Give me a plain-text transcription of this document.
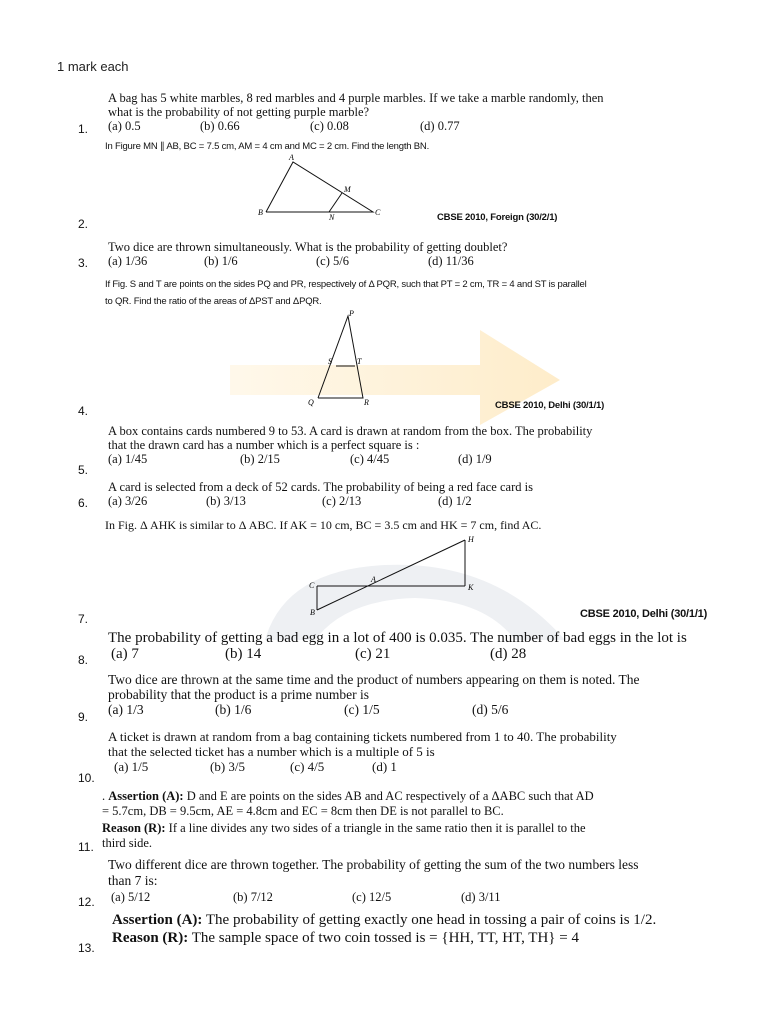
1 mark each
1.

A bag has 5 white marbles, 8 red marbles and 4 purple marbles. If we take a marble randomly, then

what is the probability of not getting purple marble?

(a) 0.5	(b) 0.66	(c) 0.08	(d) 0.77
In Figure MN ∥ AB, BC = 7.5 cm, AM = 4 cm and MC = 2 cm. Find the length BN.
A
B	C
M
N
2.	CBSE 2010, Foreign (30/2/1)

Two dice are thrown simultaneously. What is the probability of getting doublet?

(a) 1/36	(b) 1/6	(c) 5/6	(d) 11/36
3.
If Fig. S and T are points on the sides PQ and PR, respectively of Δ PQR, such that PT = 2 cm, TR = 4 and ST is parallel
to QR. Find the ratio of the areas of ΔPST and ΔPQR.
P
Q	R
S	T
4.	CBSE 2010, Delhi (30/1/1)

A box contains cards numbered 9 to 53. A card is drawn at random from the box. The probability

that the drawn card has a number which is a perfect square is :

(a) 1/45	(b) 2/15	(c) 4/45	(d) 1/9
5.

A card is selected from a deck of 52 cards. The probability of being a red face card is

(a) 3/26	(b) 3/13	(c) 2/13	(d) 1/2
6.
In Fig. Δ AHK is similar to Δ ABC. If AK = 10 cm, BC = 3.5 cm and HK = 7 cm, find AC.
H
K
A
B
C
7.	CBSE 2010, Delhi (30/1/1)

The probability of getting a bad egg in a lot of 400 is 0.035. The number of bad eggs in the lot is

(a) 7	(b) 14	(c) 21	(d) 28
8.

Two dice are thrown at the same time and the product of numbers appearing on them is noted. The

probability that the product is a prime number is

(a) 1/3	(b) 1/6	(c) 1/5	(d) 5/6
9.

A ticket is drawn at random from a bag containing tickets numbered from 1 to 40. The probability

that the selected ticket has a number which is a multiple of 5 is

(a) 1/5	(b) 3/5	(c) 4/5	(d) 1
10.

. Assertion (A): D and E are points on the sides AB and AC respectively of a ΔABC such that AD

= 5.7cm, DB = 9.5cm, AE = 4.8cm and EC = 8cm then DE is not parallel to BC.

Reason (R): If a line divides any two sides of a triangle in the same ratio then it is parallel to the

third side.

11.

Two different dice are thrown together. The probability of getting the sum of the two numbers less

than 7 is:

(a) 5/12	(b) 7/12	(c) 12/5	(d) 3/11
12.

Assertion (A): The probability of getting exactly one head in tossing a pair of coins is 1/2.

Reason (R): The sample space of two coin tossed is = {HH, TT, HT, TH} = 4

13.
